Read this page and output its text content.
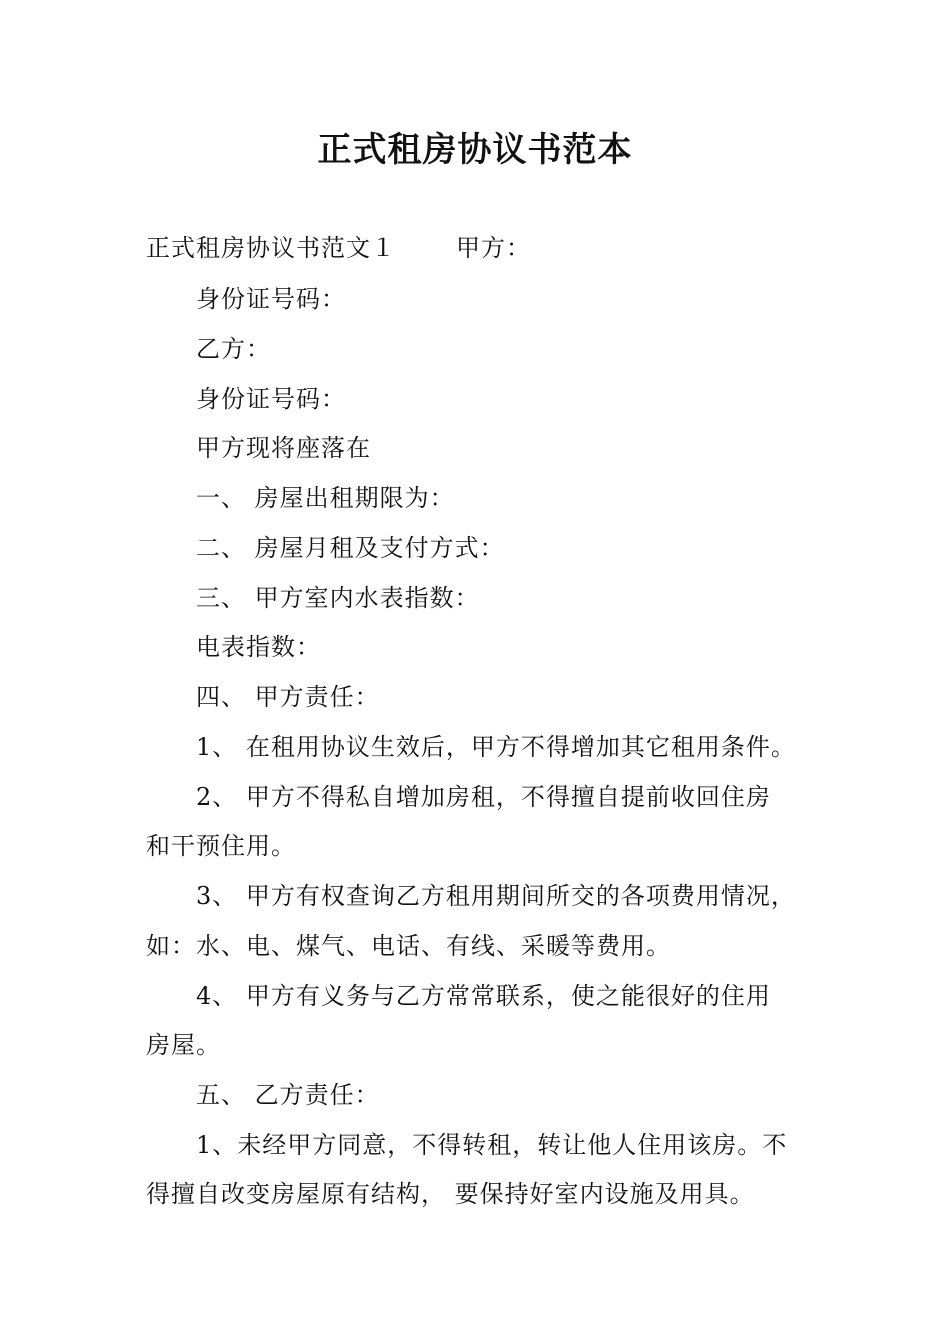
正式租房协议书范本
正式租房协议书范文１	甲方：
身份证号码：
乙方：
身份证号码：
甲方现将座落在
一、 房屋出租期限为：
二、 房屋月租及支付方式：
三、 甲方室内水表指数：
电表指数：
四、 甲方责任：
1、 在租用协议生效后，甲方不得增加其它租用条件。
2、 甲方不得私自增加房租，不得擅自提前收回住房
和干预住用。
3、 甲方有权查询乙方租用期间所交的各项费用情况，
如：水、电、煤气、电话、有线、采暖等费用。
4、 甲方有义务与乙方常常联系，使之能很好的住用
房屋。
五、 乙方责任：
1、未经甲方同意，不得转租，转让他人住用该房。不
得擅自改变房屋原有结构， 要保持好室内设施及用具。
